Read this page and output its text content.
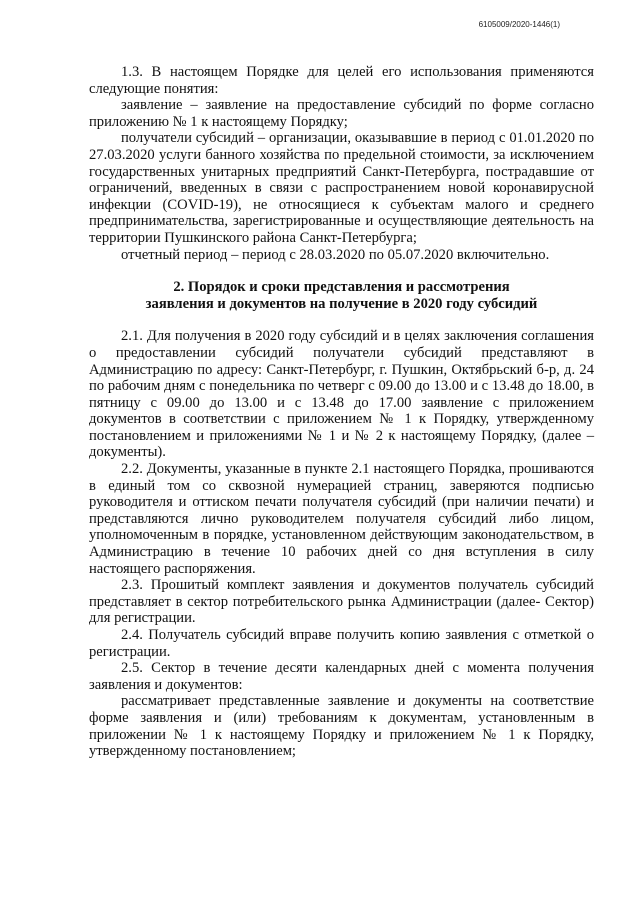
6105009/2020-1446(1)

1.3. В настоящем Порядке для целей его использования применяются следующие понятия:

заявление – заявление на предоставление субсидий по форме согласно приложению № 1 к настоящему Порядку;

получатели субсидий – организации, оказывавшие в период с 01.01.2020 по 27.03.2020 услуги банного хозяйства по предельной стоимости, за исключением государственных унитарных предприятий Санкт-Петербурга, пострадавшие от ограничений, введенных в связи с распространением новой коронавирусной инфекции (COVID-19), не относящиеся к субъектам малого и среднего предпринимательства, зарегистрированные и осуществляющие деятельность на территории Пушкинского района Санкт-Петербурга;

отчетный период – период с 28.03.2020 по 05.07.2020 включительно.

2. Порядок и сроки представления и рассмотрения
заявления и документов на получение в 2020 году субсидий

2.1. Для получения в 2020 году субсидий и в целях заключения соглашения о предоставлении субсидий получатели субсидий представляют в Администрацию по адресу: Санкт-Петербург, г. Пушкин, Октябрьский б-р, д. 24 по рабочим дням с понедельника по четверг с 09.00 до 13.00 и с 13.48 до 18.00, в пятницу с 09.00 до 13.00 и с 13.48 до 17.00 заявление с приложением документов в соответствии с приложением № 1 к Порядку, утвержденному постановлением и приложениями № 1 и № 2 к настоящему Порядку, (далее – документы).

2.2. Документы, указанные в пункте 2.1 настоящего Порядка, прошиваются в единый том со сквозной нумерацией страниц, заверяются подписью руководителя и оттиском печати получателя субсидий (при наличии печати) и представляются лично руководителем получателя субсидий либо лицом, уполномоченным в порядке, установленном действующим законодательством, в Администрацию в течение 10 рабочих дней со дня вступления в силу настоящего распоряжения.

2.3. Прошитый комплект заявления и документов получатель субсидий представляет в сектор потребительского рынка Администрации (далее- Сектор) для регистрации.

2.4. Получатель субсидий вправе получить копию заявления с отметкой о регистрации.

2.5. Сектор в течение десяти календарных дней с момента получения заявления и документов:

рассматривает представленные заявление и документы на соответствие форме заявления и (или) требованиям к документам, установленным в приложении № 1 к настоящему Порядку и приложением № 1 к Порядку, утвержденному постановлением;
